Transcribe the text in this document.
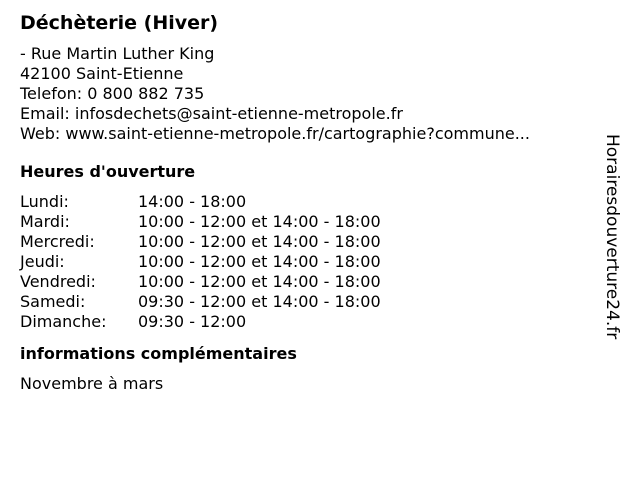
Déchèterie (Hiver)
- Rue Martin Luther King
42100 Saint-Etienne
Telefon: 0 800 882 735
Email: infosdechets@saint-etienne-metropole.fr
Web: www.saint-etienne-metropole.fr/cartographie?commune...
Heures d'ouverture
Lundi:	14:00 - 18:00
Mardi:	10:00 - 12:00 et 14:00 - 18:00
Mercredi:	10:00 - 12:00 et 14:00 - 18:00
Jeudi:	10:00 - 12:00 et 14:00 - 18:00
Vendredi:	10:00 - 12:00 et 14:00 - 18:00
Samedi:	09:30 - 12:00 et 14:00 - 18:00
Dimanche:	09:30 - 12:00
informations complémentaires
Novembre à mars
Horairesdouverture24.fr
